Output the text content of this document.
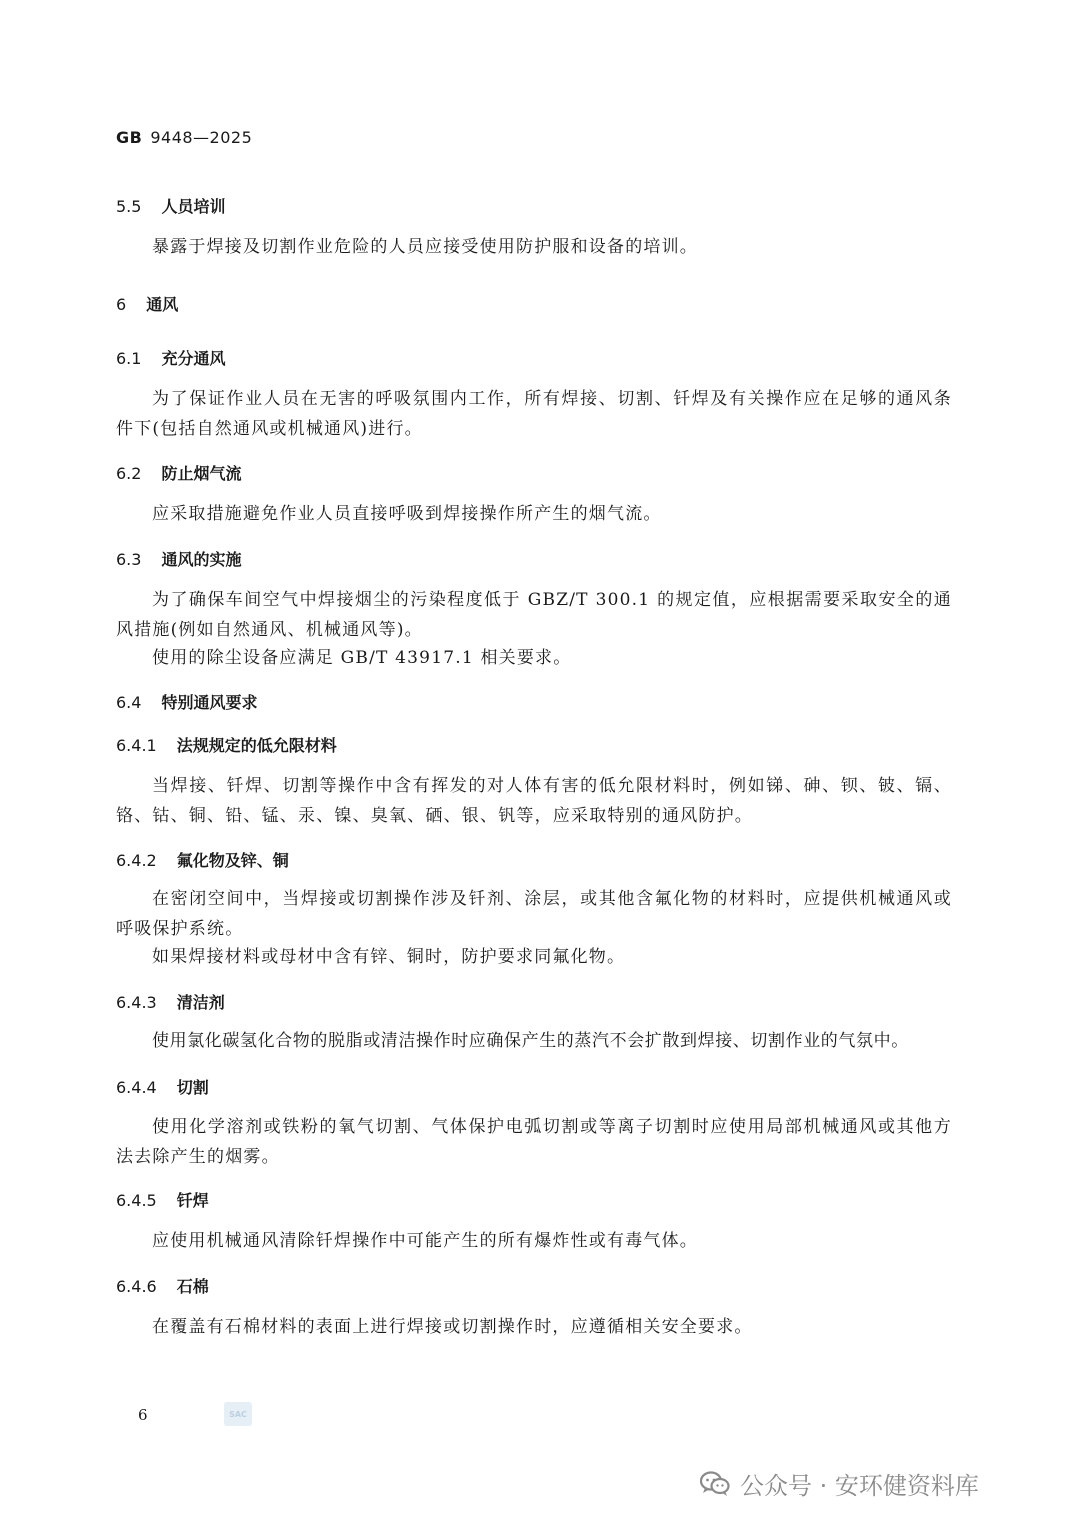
GB 9448—2025
5.5 人员培训
暴露于焊接及切割作业危险的人员应接受使用防护服和设备的培训。
6 通风
6.1 充分通风
为了保证作业人员在无害的呼吸氛围内工作，所有焊接、切割、钎焊及有关操作应在足够的通风条件下(包括自然通风或机械通风)进行。
6.2 防止烟气流
应采取措施避免作业人员直接呼吸到焊接操作所产生的烟气流。
6.3 通风的实施
为了确保车间空气中焊接烟尘的污染程度低于 GBZ/T 300.1 的规定值，应根据需要采取安全的通风措施(例如自然通风、机械通风等)。
使用的除尘设备应满足 GB/T 43917.1 相关要求。
6.4 特别通风要求
6.4.1 法规规定的低允限材料
当焊接、钎焊、切割等操作中含有挥发的对人体有害的低允限材料时，例如锑、砷、钡、铍、镉、铬、钴、铜、铅、锰、汞、镍、臭氧、硒、银、钒等，应采取特别的通风防护。
6.4.2 氟化物及锌、铜
在密闭空间中，当焊接或切割操作涉及钎剂、涂层，或其他含氟化物的材料时，应提供机械通风或呼吸保护系统。
如果焊接材料或母材中含有锌、铜时，防护要求同氟化物。
6.4.3 清洁剂
使用氯化碳氢化合物的脱脂或清洁操作时应确保产生的蒸汽不会扩散到焊接、切割作业的气氛中。
6.4.4 切割
使用化学溶剂或铁粉的氧气切割、气体保护电弧切割或等离子切割时应使用局部机械通风或其他方法去除产生的烟雾。
6.4.5 钎焊
应使用机械通风清除钎焊操作中可能产生的所有爆炸性或有毒气体。
6.4.6 石棉
在覆盖有石棉材料的表面上进行焊接或切割操作时，应遵循相关安全要求。
6	SAC
公众号 · 安环健资料库
